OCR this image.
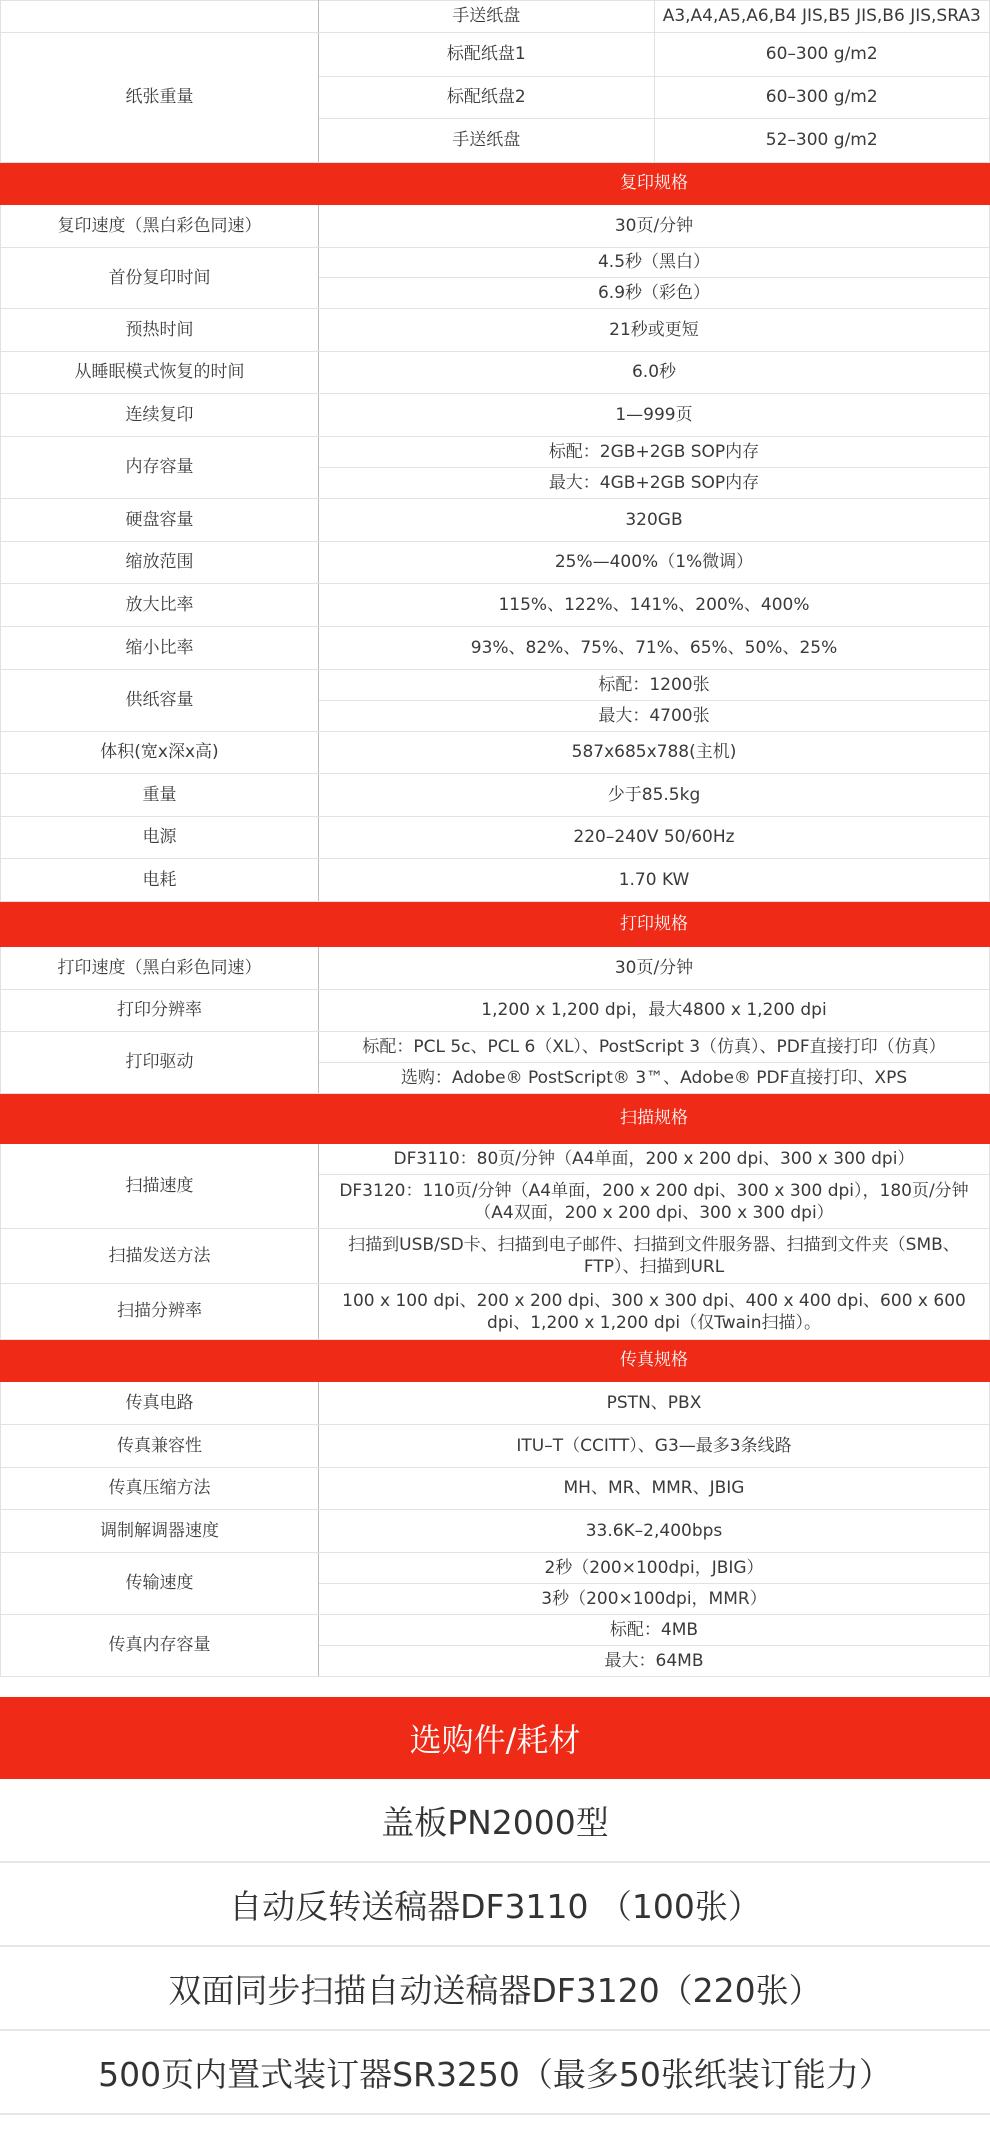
	手送纸盘	A3,A4,A5,A6,B4 JIS,B5 JIS,B6 JIS,SRA3
纸张重量	标配纸盘1	60–300 g/m2
	标配纸盘2	60–300 g/m2
	手送纸盘	52–300 g/m2
	复印规格	
复印速度（黑白彩色同速）	30页/分钟	
首份复印时间	4.5秒（黑白）	
	6.9秒（彩色）	
预热时间	21秒或更短	
从睡眠模式恢复的时间	6.0秒	
连续复印	1—999页	
内存容量	标配：2GB+2GB SOP内存	
	最大：4GB+2GB SOP内存	
硬盘容量	320GB	
缩放范围	25%—400%（1%微调）	
放大比率	115%、122%、141%、200%、400%	
缩小比率	93%、82%、75%、71%、65%、50%、25%	
供纸容量	标配：1200张	
	最大：4700张	
体积(宽x深x高)	587x685x788(主机)	
重量	少于85.5kg	
电源	220–240V 50/60Hz	
电耗	1.70 KW	
	打印规格	
打印速度（黑白彩色同速）	30页/分钟	
打印分辨率	1,200 x 1,200 dpi，最大4800 x 1,200 dpi	
打印驱动	标配：PCL 5c、PCL 6（XL）、PostScript 3（仿真）、PDF直接打印（仿真）	
	选购：Adobe® PostScript® 3™、Adobe® PDF直接打印、XPS	
	扫描规格	
扫描速度	DF3110：80页/分钟（A4单面，200 x 200 dpi、300 x 300 dpi）	
	DF3120：110页/分钟（A4单面，200 x 200 dpi、300 x 300 dpi），180页/分钟（A4双面，200 x 200 dpi、300 x 300 dpi）	
扫描发送方法	扫描到USB/SD卡、扫描到电子邮件、扫描到文件服务器、扫描到文件夹（SMB、FTP）、扫描到URL	
扫描分辨率	100 x 100 dpi、200 x 200 dpi、300 x 300 dpi、400 x 400 dpi、600 x 600 dpi、1,200 x 1,200 dpi（仅Twain扫描）。	
	传真规格	
传真电路	PSTN、PBX	
传真兼容性	ITU–T（CCITT）、G3—最多3条线路	
传真压缩方法	MH、MR、MMR、JBIG	
调制解调器速度	33.6K–2,400bps	
传输速度	2秒（200×100dpi，JBIG）	
	3秒（200×100dpi，MMR）	
传真内存容量	标配：4MB	
	最大：64MB	
选购件/耗材
盖板PN2000型
自动反转送稿器DF3110 （100张）
双面同步扫描自动送稿器DF3120（220张）
500页内置式装订器SR3250（最多50张纸装订能力）
